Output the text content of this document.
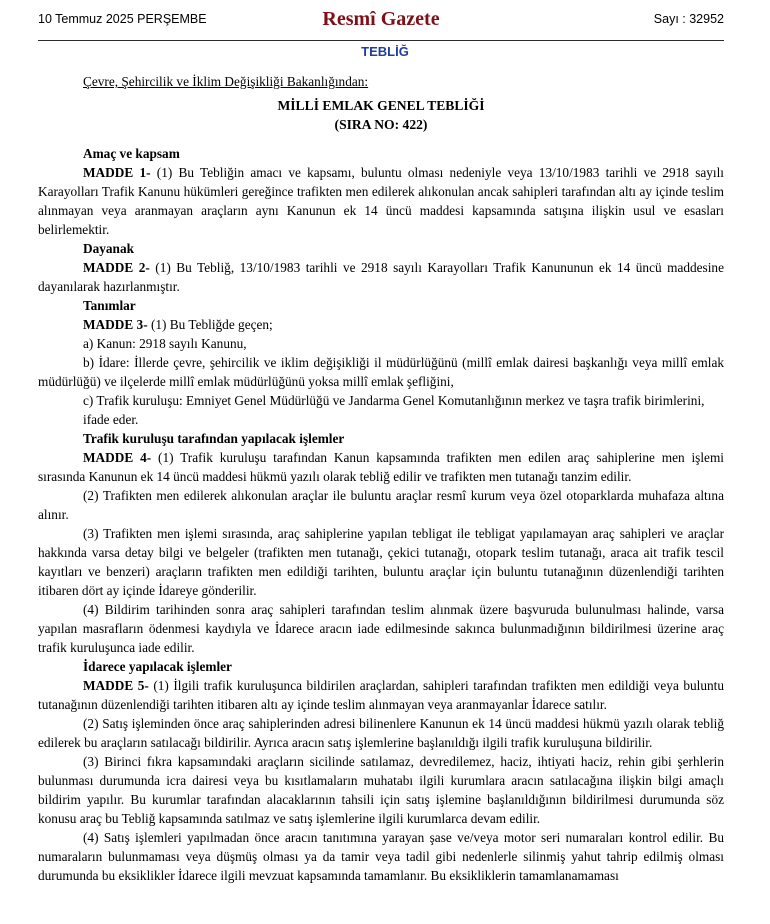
10 Temmuz 2025 PERŞEMBE	Resmî Gazete	Sayı : 32952
TEBLİĞ

Çevre, Şehircilik ve İklim Değişikliği Bakanlığından:

MİLLİ EMLAK GENEL TEBLİĞİ

(SIRA NO: 422)

Amaç ve kapsam

MADDE 1- (1) Bu Tebliğin amacı ve kapsamı, buluntu olması nedeniyle veya 13/10/1983 tarihli ve 2918 sayılı Karayolları Trafik Kanunu hükümleri gereğince trafikten men edilerek alıkonulan ancak sahipleri tarafından altı ay içinde teslim alınmayan veya aranmayan araçların aynı Kanunun ek 14 üncü maddesi kapsamında satışına ilişkin usul ve esasları belirlemektir.

Dayanak

MADDE 2- (1) Bu Tebliğ, 13/10/1983 tarihli ve 2918 sayılı Karayolları Trafik Kanununun ek 14 üncü maddesine dayanılarak hazırlanmıştır.

Tanımlar

MADDE 3- (1) Bu Tebliğde geçen;

a) Kanun: 2918 sayılı Kanunu,

b) İdare: İllerde çevre, şehircilik ve iklim değişikliği il müdürlüğünü (millî emlak dairesi başkanlığı veya millî emlak müdürlüğü) ve ilçelerde millî emlak müdürlüğünü yoksa millî emlak şefliğini,

c) Trafik kuruluşu: Emniyet Genel Müdürlüğü ve Jandarma Genel Komutanlığının merkez ve taşra trafik birimlerini,

ifade eder.

Trafik kuruluşu tarafından yapılacak işlemler

MADDE 4- (1) Trafik kuruluşu tarafından Kanun kapsamında trafikten men edilen araç sahiplerine men işlemi sırasında Kanunun ek 14 üncü maddesi hükmü yazılı olarak tebliğ edilir ve trafikten men tutanağı tanzim edilir.

(2) Trafikten men edilerek alıkonulan araçlar ile buluntu araçlar resmî kurum veya özel otoparklarda muhafaza altına alınır.

(3) Trafikten men işlemi sırasında, araç sahiplerine yapılan tebligat ile tebligat yapılamayan araç sahipleri ve araçlar hakkında varsa detay bilgi ve belgeler (trafikten men tutanağı, çekici tutanağı, otopark teslim tutanağı, araca ait trafik tescil kayıtları ve benzeri) araçların trafikten men edildiği tarihten, buluntu araçlar için buluntu tutanağının düzenlendiği tarihten itibaren dört ay içinde İdareye gönderilir.

(4) Bildirim tarihinden sonra araç sahipleri tarafından teslim alınmak üzere başvuruda bulunulması halinde, varsa yapılan masrafların ödenmesi kaydıyla ve İdarece aracın iade edilmesinde sakınca bulunmadığının bildirilmesi üzerine araç trafik kuruluşunca iade edilir.

İdarece yapılacak işlemler

MADDE 5- (1) İlgili trafik kuruluşunca bildirilen araçlardan, sahipleri tarafından trafikten men edildiği veya buluntu tutanağının düzenlendiği tarihten itibaren altı ay içinde teslim alınmayan veya aranmayanlar İdarece satılır.

(2) Satış işleminden önce araç sahiplerinden adresi bilinenlere Kanunun ek 14 üncü maddesi hükmü yazılı olarak tebliğ edilerek bu araçların satılacağı bildirilir. Ayrıca aracın satış işlemlerine başlanıldığı ilgili trafik kuruluşuna bildirilir.

(3) Birinci fıkra kapsamındaki araçların sicilinde satılamaz, devredilemez, haciz, ihtiyati haciz, rehin gibi şerhlerin bulunması durumunda icra dairesi veya bu kısıtlamaların muhatabı ilgili kurumlara aracın satılacağına ilişkin bilgi amaçlı bildirim yapılır. Bu kurumlar tarafından alacaklarının tahsili için satış işlemine başlanıldığının bildirilmesi durumunda söz konusu araç bu Tebliğ kapsamında satılmaz ve satış işlemlerine ilgili kurumlarca devam edilir.

(4) Satış işlemleri yapılmadan önce aracın tanıtımına yarayan şase ve/veya motor seri numaraları kontrol edilir. Bu numaraların bulunmaması veya düşmüş olması ya da tamir veya tadil gibi nedenlerle silinmiş yahut tahrip edilmiş olması durumunda bu eksiklikler İdarece ilgili mevzuat kapsamında tamamlanır. Bu eksikliklerin tamamlanamaması
